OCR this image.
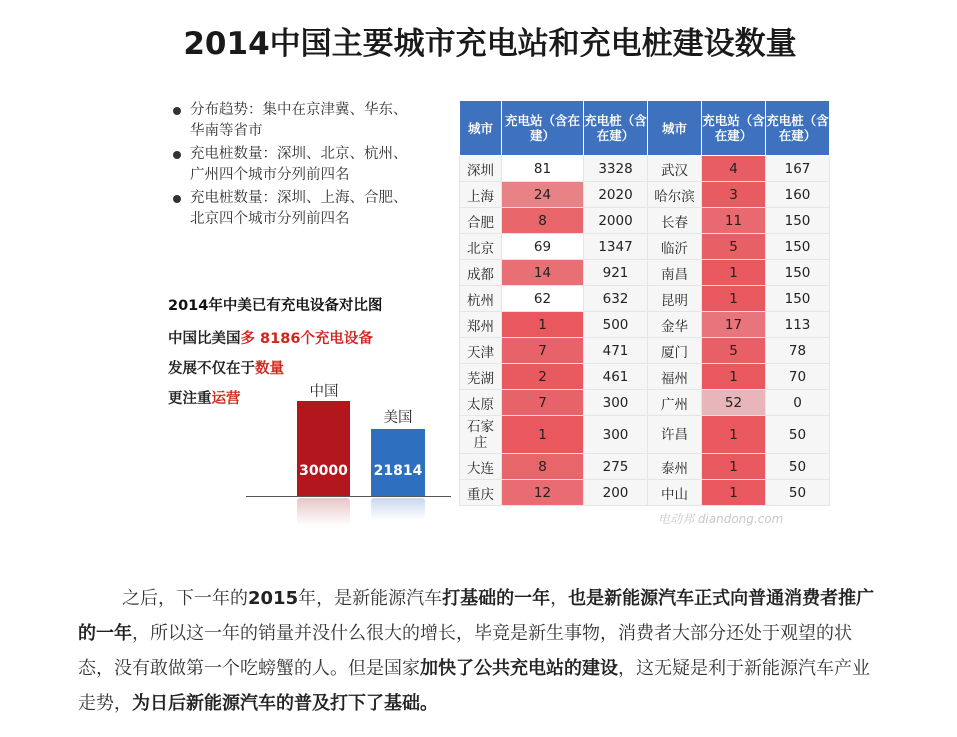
2014中国主要城市充电站和充电桩建设数量
分布趋势：集中在京津冀、华东、华南等省市
充电桩数量：深圳、北京、杭州、广州四个城市分列前四名
充电桩数量：深圳、上海、合肥、北京四个城市分列前四名
2014年中美已有充电设备对比图
中国比美国多 8186个充电设备
发展不仅在于数量
更注重运营	中国
30000
美国
21814
城市	充电站（含在建）	充电桩（含在建）	城市	充电站（含在建）	充电桩（含在建）
深圳	81	3328	武汉	4	167
上海	24	2020	哈尔滨	3	160
合肥	8	2000	长春	11	150
北京	69	1347	临沂	5	150
成都	14	921	南昌	1	150
杭州	62	632	昆明	1	150
郑州	1	500	金华	17	113
天津	7	471	厦门	5	78
芜湖	2	461	福州	1	70
太原	7	300	广州	52	0
石家庄	1	300	许昌	1	50
大连	8	275	泰州	1	50
重庆	12	200	中山	1	50
电动邦 diandong.com

之后，下一年的2015年，是新能源汽车打基础的一年，也是新能源汽车正式向普通消费者推广的一年，所以这一年的销量并没什么很大的增长，毕竟是新生事物，消费者大部分还处于观望的状态，没有敢做第一个吃螃蟹的人。但是国家加快了公共充电站的建设，这无疑是利于新能源汽车产业走势，为日后新能源汽车的普及打下了基础。
